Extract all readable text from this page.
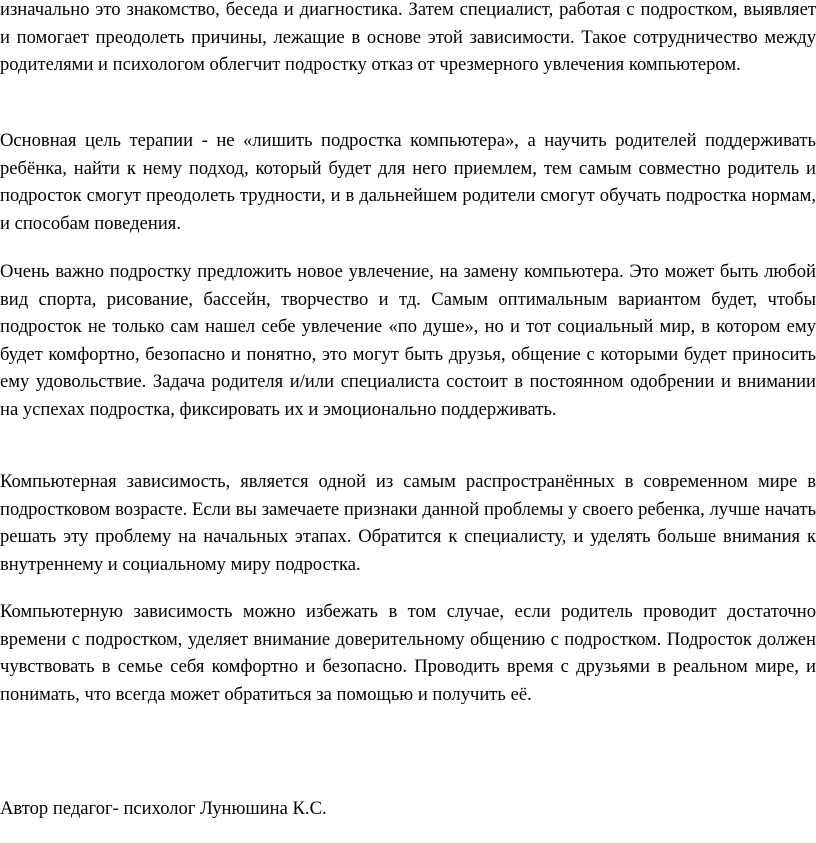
изначально это знакомство, беседа и диагностика. Затем специалист, работая с подростком, выявляет и помогает преодолеть причины, лежащие в основе этой зависимости. Такое сотрудничество между родителями и психологом облегчит подростку отказ от чрезмерного увлечения компьютером.

Основная цель терапии - не «лишить подростка компьютера», а научить родителей поддерживать ребёнка, найти к нему подход, который будет для него приемлем, тем самым совместно родитель и подросток смогут преодолеть трудности, и в дальнейшем родители смогут обучать подростка нормам, и способам поведения.

Очень важно подростку предложить новое увлечение, на замену компьютера. Это может быть любой вид спорта, рисование, бассейн, творчество и тд. Самым оптимальным вариантом будет, чтобы подросток не только сам нашел себе увлечение «по душе», но и тот социальный мир, в котором ему будет комфортно, безопасно и понятно, это могут быть друзья, общение с которыми будет приносить ему удовольствие. Задача родителя и/или специалиста состоит в постоянном одобрении и внимании на успехах подростка, фиксировать их и эмоционально поддерживать.

Компьютерная зависимость, является одной из самым распространённых в современном мире в подростковом возрасте. Если вы замечаете признаки данной проблемы у своего ребенка, лучше начать решать эту проблему на начальных этапах. Обратится к специалисту, и уделять больше внимания к внутреннему и социальному миру подростка.

Компьютерную зависимость можно избежать в том случае, если родитель проводит достаточно времени с подростком, уделяет внимание доверительному общению с подростком. Подросток должен чувствовать в семье себя комфортно и безопасно. Проводить время с друзьями в реальном мире, и понимать, что всегда может обратиться за помощью и получить её.

Автор педагог- психолог Лунюшина К.С.
